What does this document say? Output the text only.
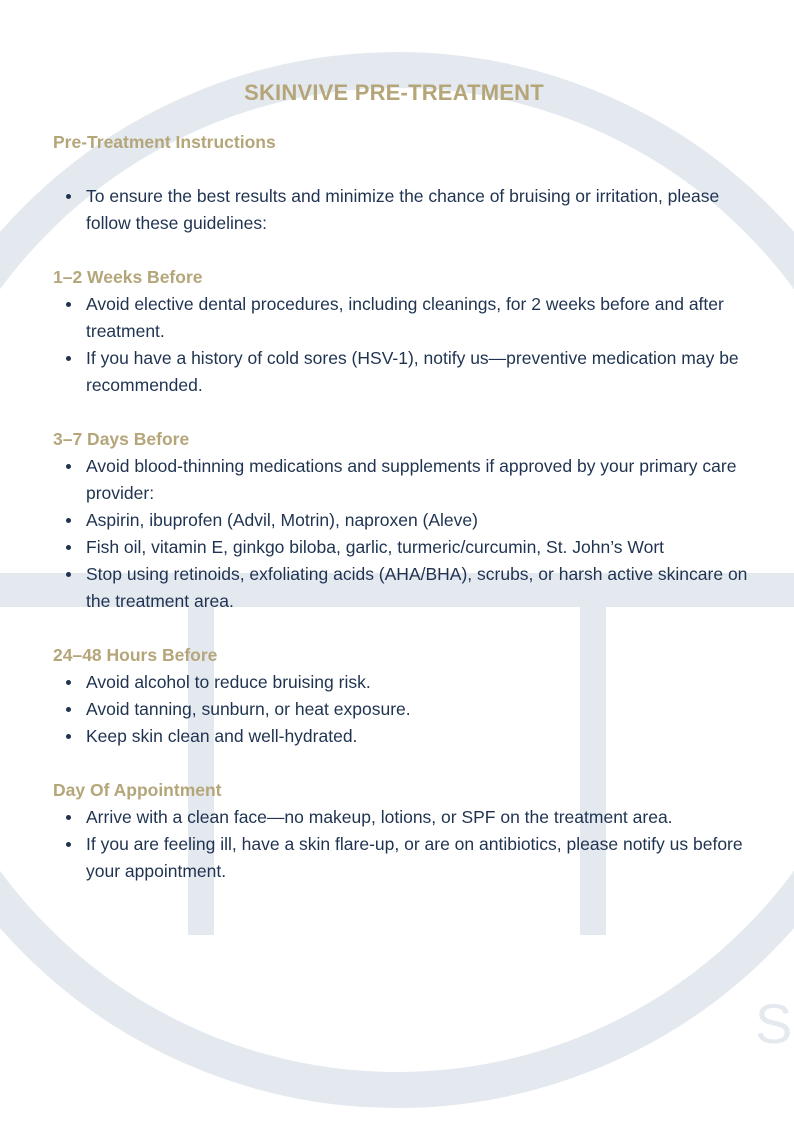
S
SKINVIVE PRE-TREATMENT
Pre-Treatment Instructions
To ensure the best results and minimize the chance of bruising or irritation, please follow these guidelines:
1–2 Weeks Before
Avoid elective dental procedures, including cleanings, for 2 weeks before and after treatment.
If you have a history of cold sores (HSV-1), notify us—preventive medication may be recommended.
3–7 Days Before
Avoid blood-thinning medications and supplements if approved by your primary care provider:
Aspirin, ibuprofen (Advil, Motrin), naproxen (Aleve)
Fish oil, vitamin E, ginkgo biloba, garlic, turmeric/curcumin, St. John’s Wort
Stop using retinoids, exfoliating acids (AHA/BHA), scrubs, or harsh active skincare on the treatment area.
24–48 Hours Before
Avoid alcohol to reduce bruising risk.
Avoid tanning, sunburn, or heat exposure.
Keep skin clean and well-hydrated.
Day Of Appointment
Arrive with a clean face—no makeup, lotions, or SPF on the treatment area.
If you are feeling ill, have a skin flare-up, or are on antibiotics, please notify us before your appointment.
